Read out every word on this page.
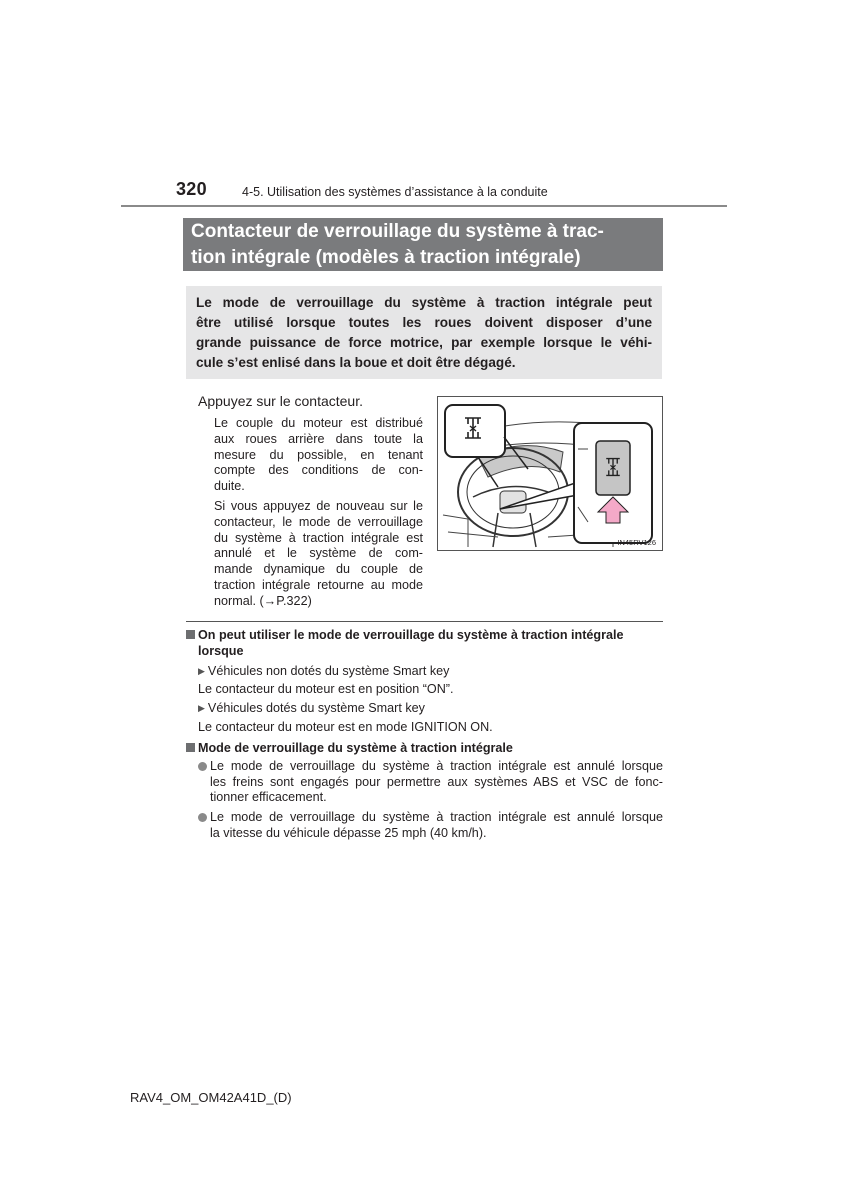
320	4-5. Utilisation des systèmes d’assistance à la conduite
Contacteur de verrouillage du système à trac-
tion intégrale (modèles à traction intégrale)
Le mode de verrouillage du système à traction intégrale peut
être utilisé lorsque toutes les roues doivent disposer d’une
grande puissance de force motrice, par exemple lorsque le véhi-
cule s’est enlisé dans la boue et doit être dégagé.
Appuyez sur le contacteur.
Le couple du moteur est distribué
aux roues arrière dans toute la
mesure du possible, en tenant
compte des conditions de con-
duite.
Si vous appuyez de nouveau sur le
contacteur, le mode de verrouillage
du système à traction intégrale est
annulé et le système de com-
mande dynamique du couple de
traction intégrale retourne au mode
normal. (→P.322)
IN45RV126
On peut utiliser le mode de verrouillage du système à traction intégrale
lorsque
▶ Véhicules non dotés du système Smart key
Le contacteur du moteur est en position “ON”.
▶ Véhicules dotés du système Smart key
Le contacteur du moteur est en mode IGNITION ON.
Mode de verrouillage du système à traction intégrale
Le mode de verrouillage du système à traction intégrale est annulé lorsque
les freins sont engagés pour permettre aux systèmes ABS et VSC de fonc-
tionner efficacement.
Le mode de verrouillage du système à traction intégrale est annulé lorsque
la vitesse du véhicule dépasse 25 mph (40 km/h).
RAV4_OM_OM42A41D_(D)
